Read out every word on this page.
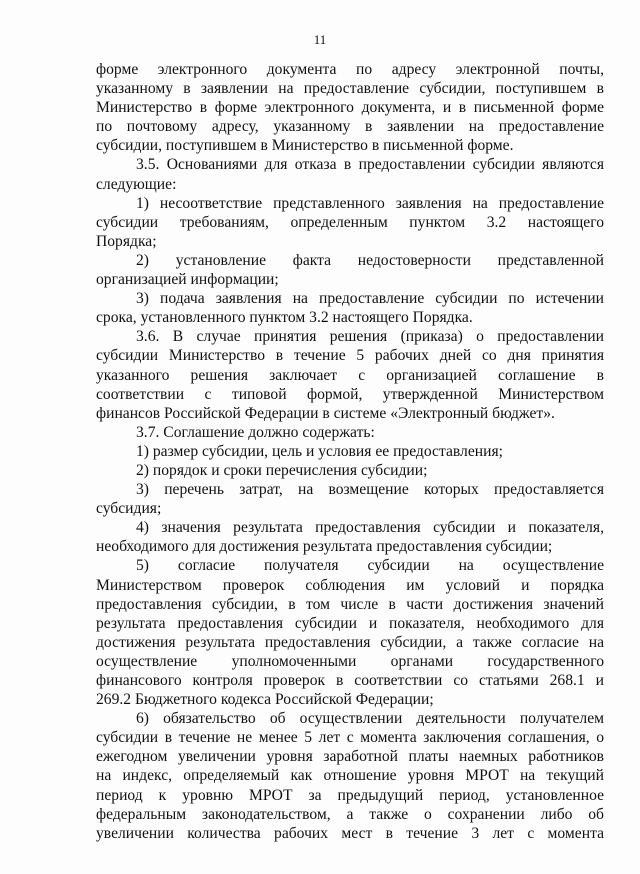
11
форме электронного документа по адресу электронной почты,
указанному в заявлении на предоставление субсидии, поступившем в
Министерство в форме электронного документа, и в письменной форме
по почтовому адресу, указанному в заявлении на предоставление
субсидии, поступившем в Министерство в письменной форме.
3.5. Основаниями для отказа в предоставлении субсидии являются
следующие:
1) несоответствие представленного заявления на предоставление
субсидии требованиям, определенным пунктом 3.2 настоящего
Порядка;
2) установление факта недостоверности представленной
организацией информации;
3) подача заявления на предоставление субсидии по истечении
срока, установленного пунктом 3.2 настоящего Порядка.
3.6. В случае принятия решения (приказа) о предоставлении
субсидии Министерство в течение 5 рабочих дней со дня принятия
указанного решения заключает с организацией соглашение в
соответствии с типовой формой, утвержденной Министерством
финансов Российской Федерации в системе «Электронный бюджет».
3.7. Соглашение должно содержать:
1) размер субсидии, цель и условия ее предоставления;
2) порядок и сроки перечисления субсидии;
3) перечень затрат, на возмещение которых предоставляется
субсидия;
4) значения результата предоставления субсидии и показателя,
необходимого для достижения результата предоставления субсидии;
5) согласие получателя субсидии на осуществление
Министерством проверок соблюдения им условий и порядка
предоставления субсидии, в том числе в части достижения значений
результата предоставления субсидии и показателя, необходимого для
достижения результата предоставления субсидии, а также согласие на
осуществление уполномоченными органами государственного
финансового контроля проверок в соответствии со статьями 268.1 и
269.2 Бюджетного кодекса Российской Федерации;
6) обязательство об осуществлении деятельности получателем
субсидии в течение не менее 5 лет с момента заключения соглашения, о
ежегодном увеличении уровня заработной платы наемных работников
на индекс, определяемый как отношение уровня МРОТ на текущий
период к уровню МРОТ за предыдущий период, установленное
федеральным законодательством, а также о сохранении либо об
увеличении количества рабочих мест в течение 3 лет с момента
